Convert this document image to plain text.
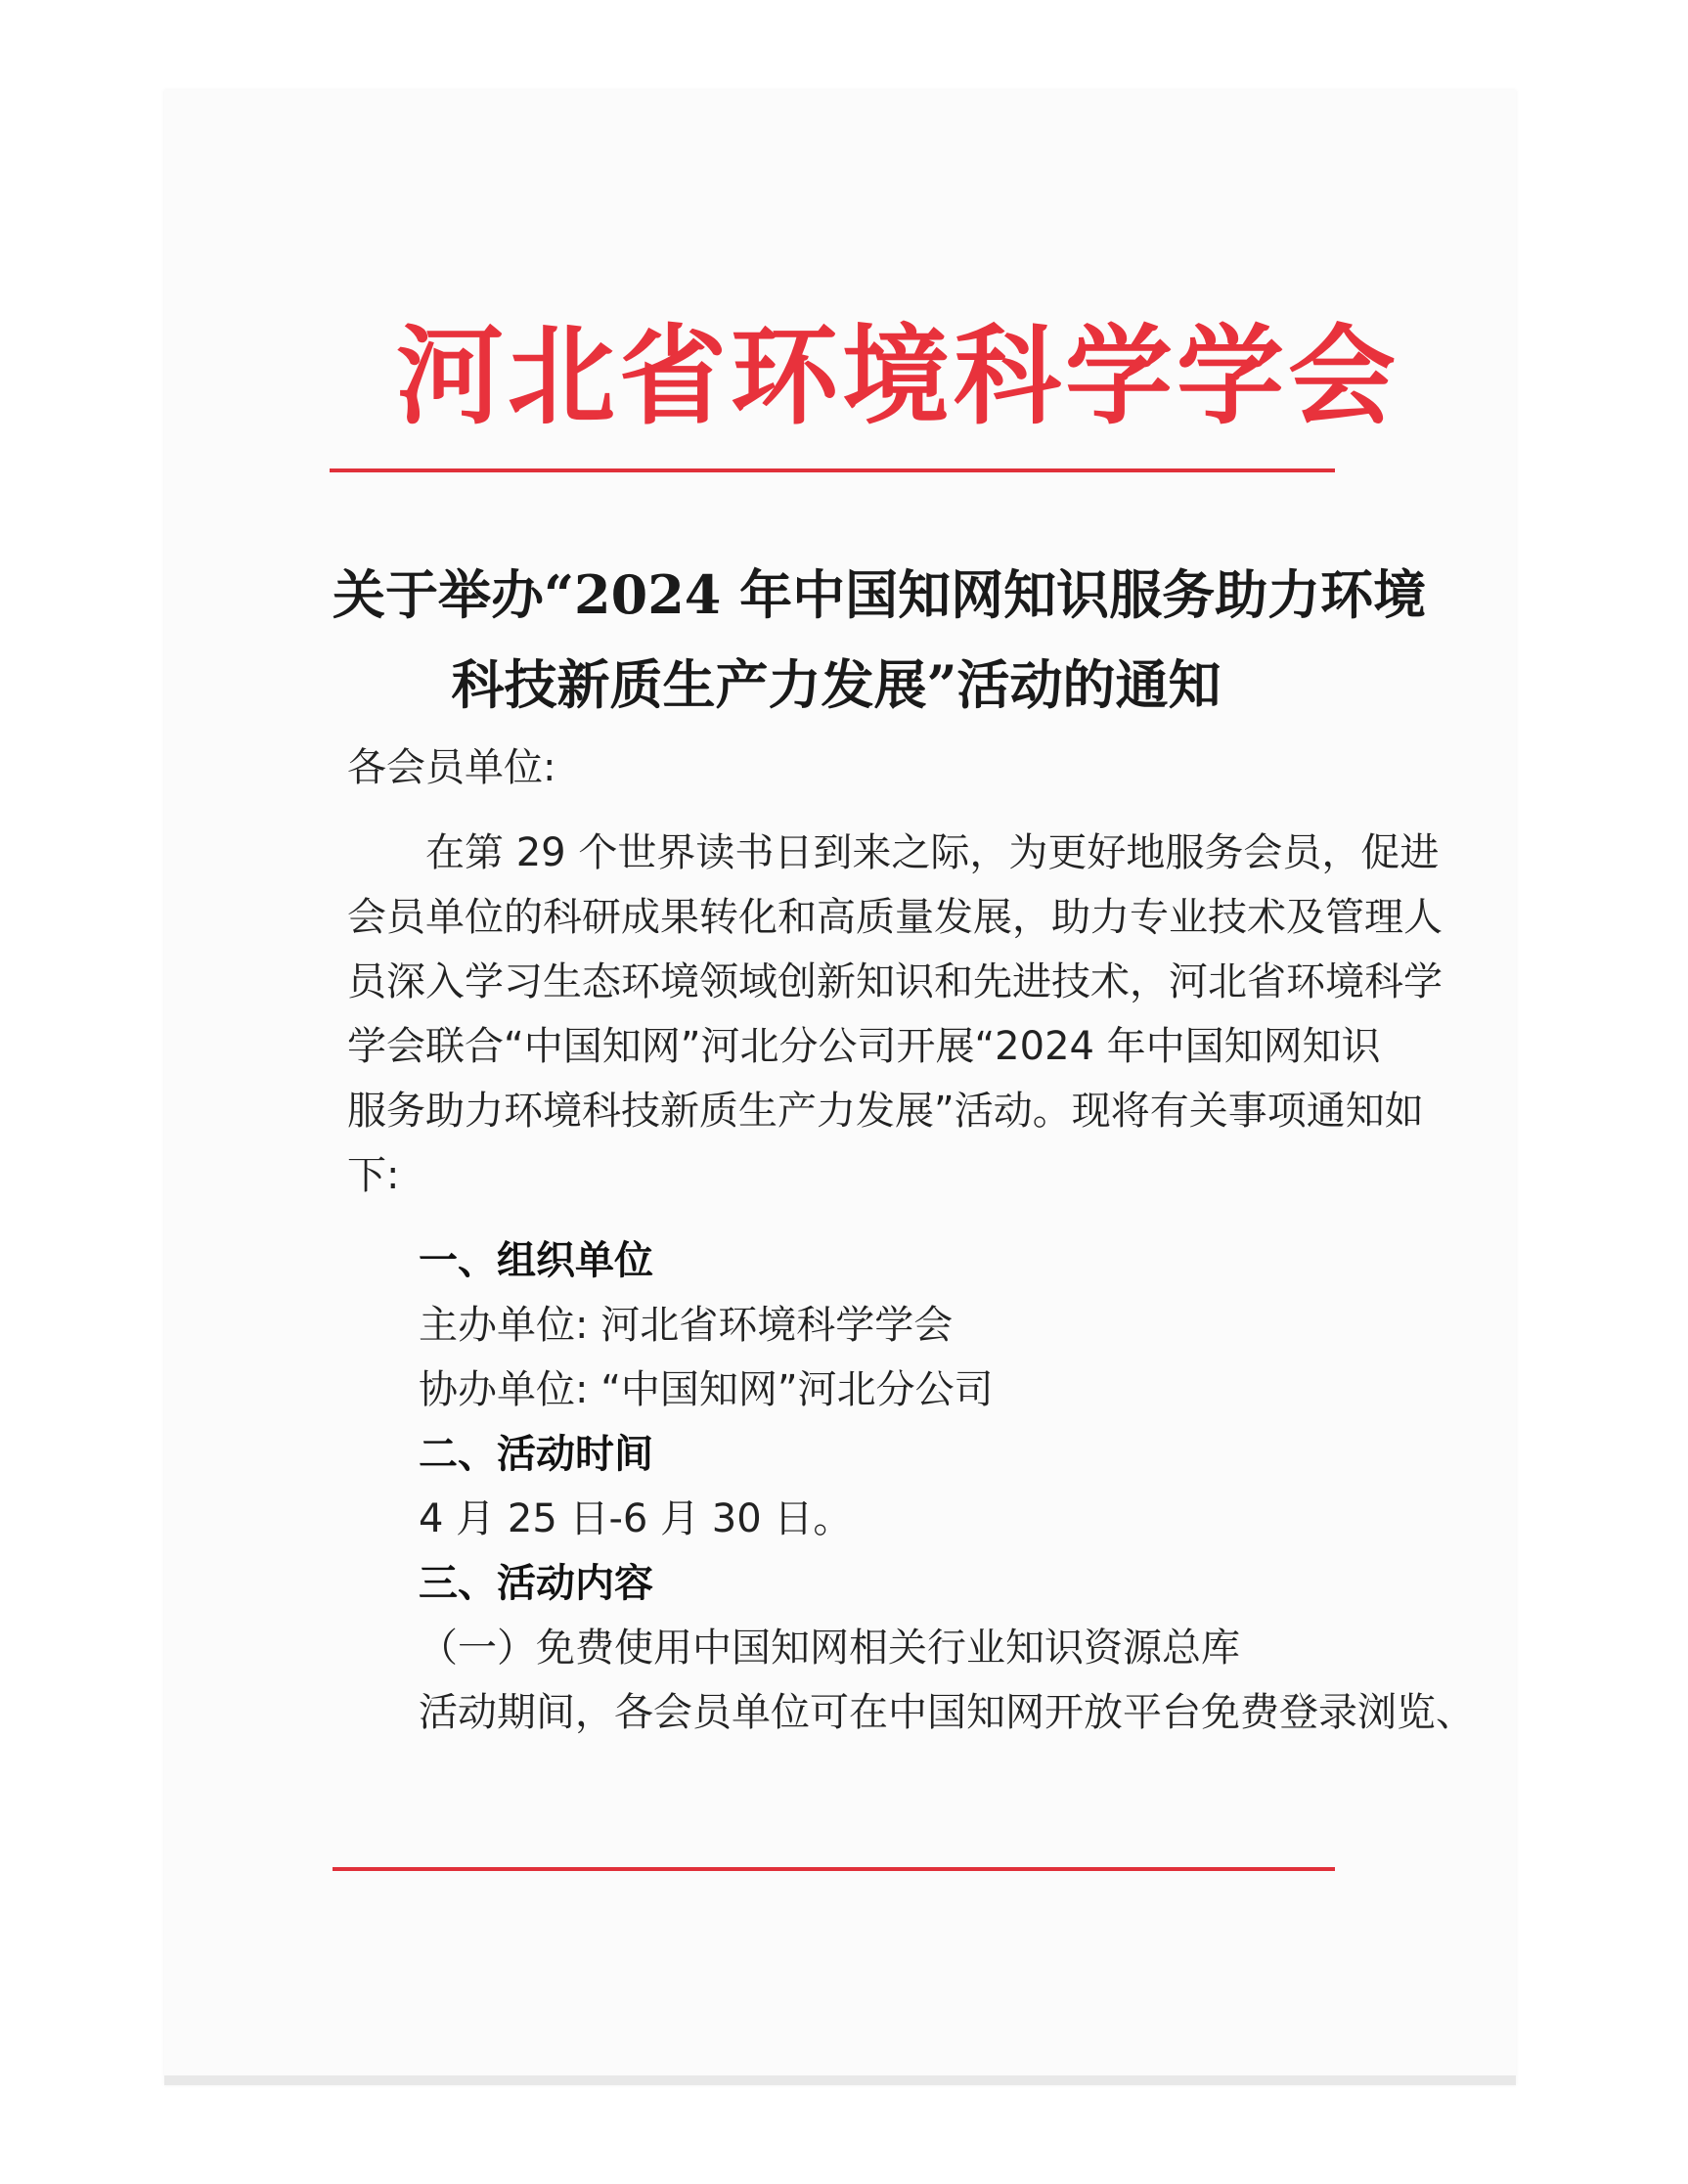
河北省环境科学学会
关于举办“2024 年中国知网知识服务助力环境
科技新质生产力发展”活动的通知
各会员单位:
　　在第 29 个世界读书日到来之际，为更好地服务会员，促进
会员单位的科研成果转化和高质量发展，助力专业技术及管理人
员深入学习生态环境领域创新知识和先进技术，河北省环境科学
学会联合“中国知网”河北分公司开展“2024 年中国知网知识
服务助力环境科技新质生产力发展”活动。现将有关事项通知如
下:
一、组织单位
主办单位: 河北省环境科学学会
协办单位: “中国知网”河北分公司
二、活动时间
4 月 25 日-6 月 30 日。
三、活动内容
（一）免费使用中国知网相关行业知识资源总库
活动期间，各会员单位可在中国知网开放平台免费登录浏览、
